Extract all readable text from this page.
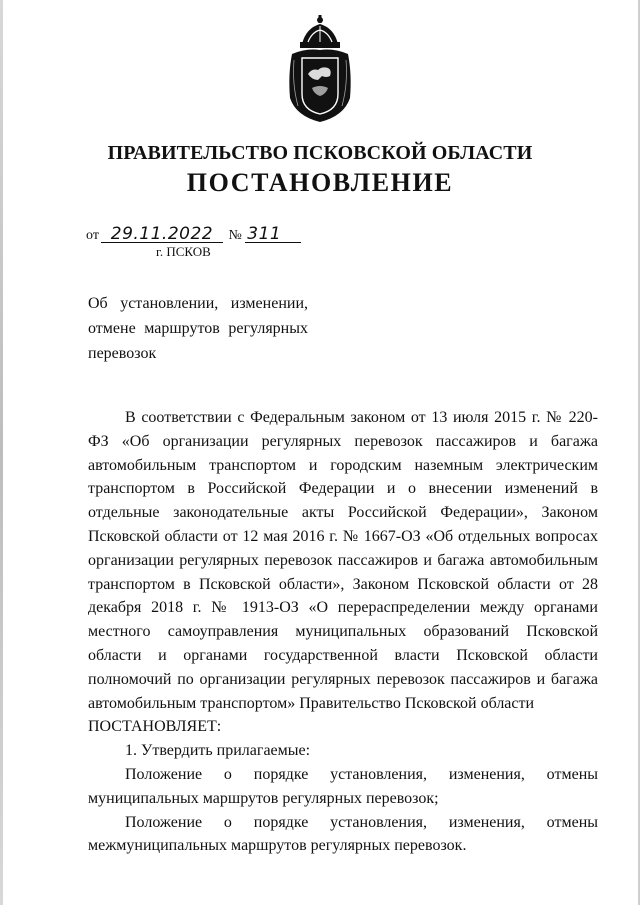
ПРАВИТЕЛЬСТВО ПСКОВСКОЙ ОБЛАСТИ
ПОСТАНОВЛЕНИЕ
от 29.11.2022 № 311
г. ПСКОВ
Об установлении, изменении,
отмене маршрутов регулярных
перевозок

В соответствии с Федеральным законом от 13 июля 2015 г. № 220-ФЗ «Об организации регулярных перевозок пассажиров и багажа автомобильным транспортом и городским наземным электрическим транспортом в Российской Федерации и о внесении изменений в отдельные законодательные акты Российской Федерации», Законом Псковской области от 12 мая 2016 г. № 1667-ОЗ «Об отдельных вопросах организации регулярных перевозок пассажиров и багажа автомобильным транспортом в Псковской области», Законом Псковской области от 28 декабря 2018 г. № 1913-ОЗ «О перераспределении между органами местного самоуправления муниципальных образований Псковской области и органами государственной власти Псковской области полномочий по организации регулярных перевозок пассажиров и багажа автомобильным транспортом» Правительство Псковской области

ПОСТАНОВЛЯЕТ:

1. Утвердить прилагаемые:

Положение о порядке установления, изменения, отмены муниципальных маршрутов регулярных перевозок;

Положение о порядке установления, изменения, отмены межмуниципальных маршрутов регулярных перевозок.
